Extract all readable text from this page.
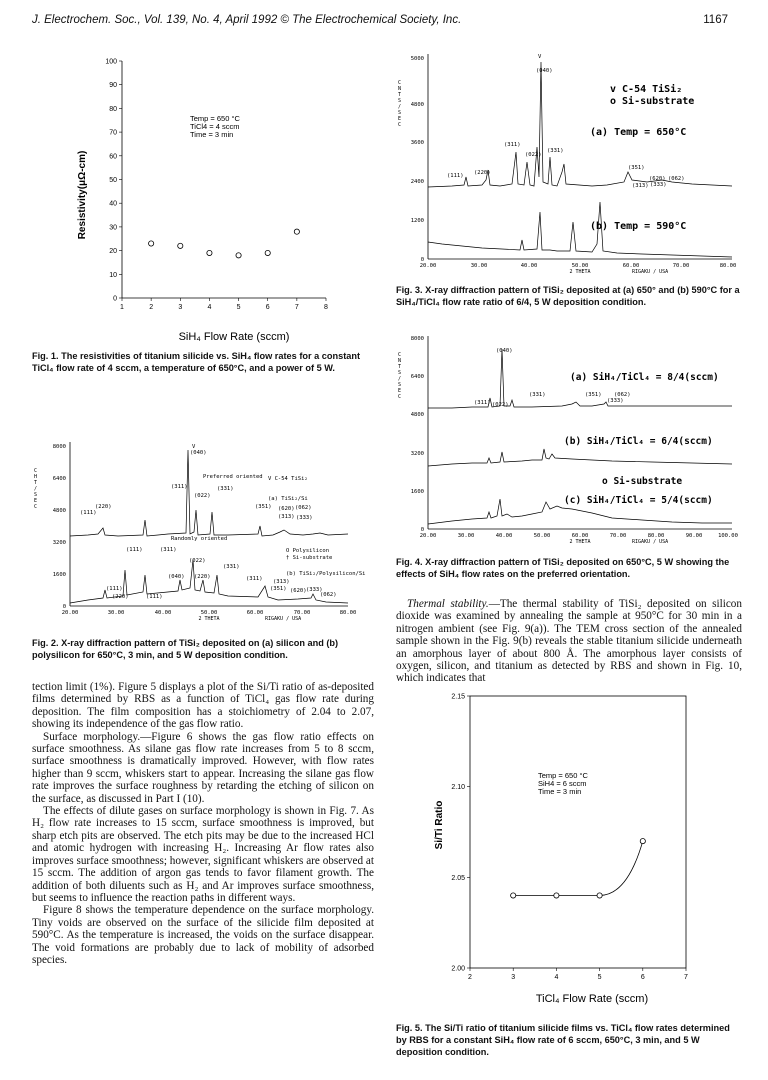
J. Electrochem. Soc., Vol. 139, No. 4, April 1992 © The Electrochemical Society, Inc.	1167
1	2	3	4	5	6	7	8
0
10
20
30
40
50
60
70
80
90
100
Resistivity(μΩ-cm)
SiH₄ Flow Rate (sccm)
Temp = 650 °C
TiCl4 = 4 sccm
Time = 3 min
Fig. 1. The resistivities of titanium silicide vs. SiH₄ flow rates for a constant TiCl₄ flow rate of 4 sccm, a temperature of 650°C, and a power of 5 W.
C
H
T
/
S
E
C
8000
6400
4800
3200
1600
0
V
(040)
Preferred oriented V C-54 TiSi₂
(a) TiSi₂/Si
(311)
(022)
(331)
(220)
(111)
(351) (620) (062)
(313) (333)
Randomly oriented
O Polysilicon
† Si-substrate
(b) TiSi₂/Polysilicon/Si
(111)	(311)
(022)
(331)
(040) (220)	(311) (313)
(351) (620) (333)
(062)
(111)
(220)	(111)
20.00	30.00	40.00	50.00	60.00	70.00	80.00
2 THETA	RIGAKU / USA
Fig. 2. X-ray diffraction pattern of TiSi₂ deposited on (a) silicon and (b) polysilicon for 650°C, 3 min, and 5 W deposition condition.

tection limit (1%). Figure 5 displays a plot of the Si/Ti ratio of as-deposited films determined by RBS as a function of TiCl₄ gas flow rate during deposition. The film composition has a stoichiometry of 2.04 to 2.07, showing its independence of the gas flow ratio.

Surface morphology.—Figure 6 shows the gas flow ratio effects on surface smoothness. As silane gas flow rate increases from 5 to 8 sccm, surface smoothness is dramatically improved. However, with flow rates higher than 9 sccm, whiskers start to appear. Increasing the silane gas flow rate improves the surface roughness by retarding the etching of silicon on the surface, as discussed in Part I (10).

The effects of dilute gases on surface morphology is shown in Fig. 7. As H₂ flow rate increases to 15 sccm, surface smoothness is improved, but sharp etch pits are observed. The etch pits may be due to the increased HCl and atomic hydrogen with increasing H₂. Increasing Ar flow rates also improves surface smoothness; however, significant whiskers are observed at 15 sccm. The addition of argon gas tends to favor filament growth. The addition of both diluents such as H₂ and Ar improves surface smoothness, but seems to influence the reaction paths in different ways.

Figure 8 shows the temperature dependence on the surface morphology. Tiny voids are observed on the surface of the silicide film deposited at 590°C. As the temperature is increased, the voids on the surface disappear. The void formations are probably due to lack of mobility of adsorbed species.

C
N
T
S
/
S
E
C
5000
4800
3600
2400
1200
0
V
(040)
(311)
(022)
(331)
(111) (220)
(351)
(620) (062)
(313) (333)
v C-54 TiSi₂
o Si-substrate
(a) Temp = 650°C
(b) Temp = 590°C
20.00	30.00	40.00	50.00	60.00	70.00	80.00
2 THETA	RIGAKU / USA
Fig. 3. X-ray diffraction pattern of TiSi₂ deposited at (a) 650° and (b) 590°C for a SiH₄/TiCl₄ flow rate ratio of 6/4, 5 W deposition condition.
C
N
T
S
/
S
E
C
8000
6400
4800
3200
1600
0
(040)
(311) (022)
(331)	(351) (062)
(333)
(a) SiH₄/TiCl₄ = 8/4(sccm)
(b) SiH₄/TiCl₄ = 6/4(sccm)
o Si-substrate
(c) SiH₄/TiCl₄ = 5/4(sccm)
20.00	30.00	40.00	50.00	60.00	70.00	80.00	90.00	100.00
2 THETA	RIGAKU / USA
Fig. 4. X-ray diffraction pattern of TiSi₂ deposited on 650°C, 5 W showing the effects of SiH₄ flow rates on the preferred orientation.

Thermal stability.—The thermal stability of TiSi₂ deposited on silicon dioxide was examined by annealing the sample at 950°C for 30 min in a nitrogen ambient (see Fig. 9(a)). The TEM cross section of the annealed sample shown in the Fig. 9(b) reveals the stable titanium silicide underneath an amorphous layer of about 800 Å. The amorphous layer consists of oxygen, silicon, and titanium as detected by RBS and shown in Fig. 10, which indicates that

2	3	4	5	6	7
2.00
2.05
2.10
2.15
Si/Ti Ratio
TiCl₄ Flow Rate (sccm)
Temp = 650 °C
SiH4 = 6 sccm
Time = 3 min
Fig. 5. The Si/Ti ratio of titanium silicide films vs. TiCl₄ flow rates determined by RBS for a constant SiH₄ flow rate of 6 sccm, 650°C, 3 min, and 5 W deposition condition.
